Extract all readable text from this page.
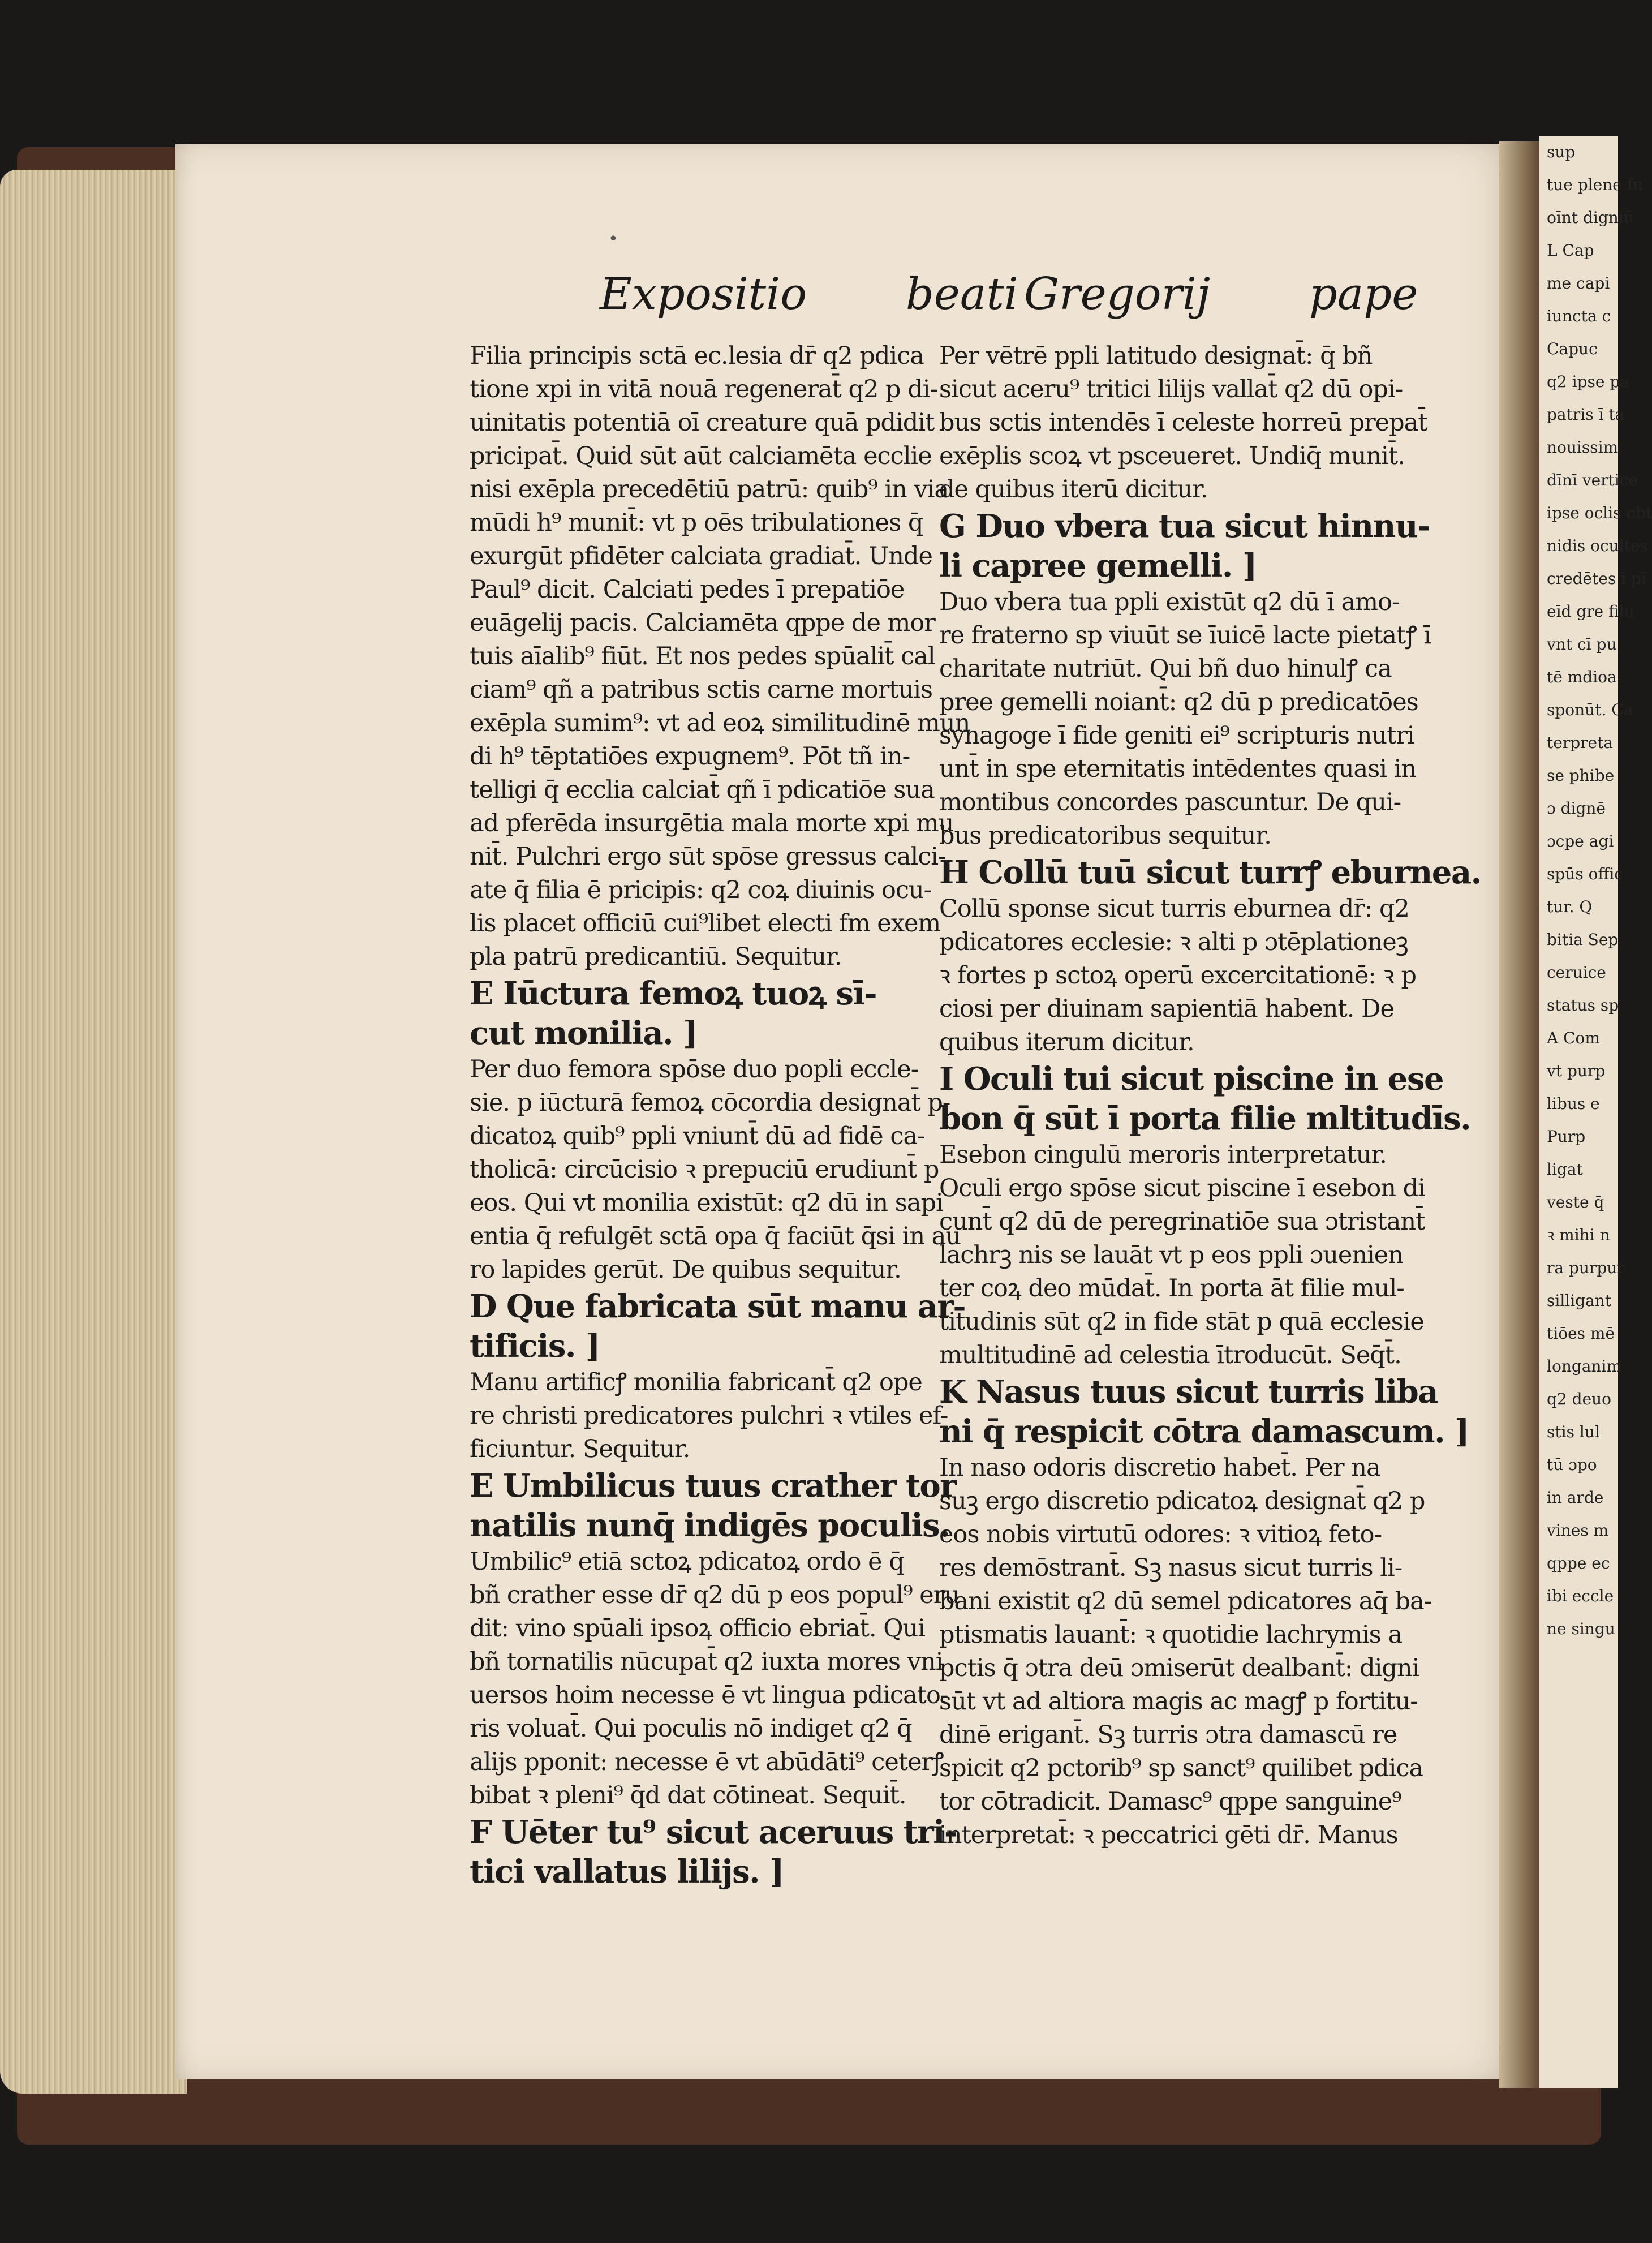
sup
tue plene fu
oīnt digniū
L Cap
me capi
iuncta c
Capuc
q2 ipse pa
patris ī ta
nouissim
dīnī vertice
ipse oclis obt
nidis ocultes
credētes ī pī
eīd gre filu
vnt cī pu
tē mdioa
sponūt. Ca
terpreta
se phibe
ɔ dignē
ɔcpe agi
spūs offic
tur. Q
bitia Sep
ceruice
status sp
A Com
vt purp
libus e
Purp
ligat
veste q̄
ꝛ mihi n
ra purpur
silligant
tiōes mē
longanim
q2 deuo
stis lul
tū ɔpo
in arde
vines m
qppe ec
ibi eccle
ne singu
•
Expositio beati Gregorij pape
Filia principis sctā ec.lesia dr̄ q2 pdica
tione xpi in vitā nouā regenerat̄ q2 p di-
uinitatis potentiā oī creature quā pdidit
pricipat̄. Quid sūt aūt calciamēta ecclie
nisi exēpla precedētiū patrū: quib⁹ in via
mūdi h⁹ munit̄: vt p oēs tribulationes q̄
exurgūt pfidēter calciata gradiat̄. Unde
Paul⁹ dicit. Calciati pedes ī prepatiōe
euāgelij pacis. Calciamēta qppe de mor
tuis aīalib⁹ fiūt. Et nos pedes spūalit̄ cal
ciam⁹ qñ a patribus sctis carne mortuis
exēpla sumim⁹: vt ad eoꝝ similitudinē mun
di h⁹ tēptatiōes expugnem⁹. Pōt tñ in-
telligi q̄ ecclia calciat̄ qñ ī pdicatiōe sua
ad pferēda insurgētia mala morte xpi mu
nit̄. Pulchri ergo sūt spōse gressus calci-
ate q̄ filia ē pricipis: q2 coꝝ diuinis ocu-
lis placet officiū cui⁹libet electi fm exem
pla patrū predicantiū. Sequitur.
E Iūctura femoꝝ tuoꝝ sī-
cut monilia. ]
Per duo femora spōse duo popli eccle-
sie. p iūcturā femoꝝ cōcordia designat̄ p-
dicatoꝝ quib⁹ ppli vniunt̄ dū ad fidē ca-
tholicā: circūcisio ꝛ prepuciū erudiunt̄ p
eos. Qui vt monilia existūt: q2 dū in sapi
entia q̄ refulgēt sctā opa q̄ faciūt q̄si in au
ro lapides gerūt. De quibus sequitur.
D Que fabricata sūt manu ar-
tificis. ]
Manu artificꝭ monilia fabricant̄ q2 ope
re christi predicatores pulchri ꝛ vtiles ef-
ficiuntur. Sequitur.
E Umbilicus tuus crather tor
natilis nunq̄ indigēs poculis.
Umbilic⁹ etiā sctoꝝ pdicatoꝝ ordo ē q̄
bñ crather esse dr̄ q2 dū p eos popul⁹ eru
dit: vino spūali ipsoꝝ officio ebriat̄. Qui
bñ tornatilis nūcupat̄ q2 iuxta mores vni
uersos hoim necesse ē vt lingua pdicato-
ris voluat̄. Qui poculis nō indiget q2 q̄
alijs pponit: necesse ē vt abūdāti⁹ ceterꝭ
bibat ꝛ pleni⁹ q̄d dat cōtineat. Sequit̄.
F Uēter tu⁹ sicut aceruus tri-
tici vallatus lilijs. ]
Per vētrē ppli latitudo designat̄: q̄ bñ
sicut aceru⁹ tritici lilijs vallat̄ q2 dū opi-
bus sctis intendēs ī celeste horreū prepat̄
exēplis scoꝝ vt psceueret. Undiq̄ munit̄.
de quibus iterū dicitur.
G Duo vbera tua sicut hinnu-
li capree gemelli. ]
Duo vbera tua ppli existūt q2 dū ī amo-
re fraterno sp viuūt se īuicē lacte pietatꝭ ī
charitate nutriūt. Qui bñ duo hinulꝭ ca
pree gemelli noiant̄: q2 dū p predicatōes
synagoge ī fide geniti ei⁹ scripturis nutri
unt̄ in spe eternitatis intēdentes quasi in
montibus concordes pascuntur. De qui-
bus predicatoribus sequitur.
H Collū tuū sicut turrꝭ eburnea.
Collū sponse sicut turris eburnea dr̄: q2
pdicatores ecclesie: ꝛ alti p ɔtēplationeꝫ
ꝛ fortes p sctoꝝ operū excercitationē: ꝛ p
ciosi per diuinam sapientiā habent. De
quibus iterum dicitur.
I Oculi tui sicut piscine in ese
bon q̄ sūt ī porta filie mltitudīs.
Esebon cingulū meroris interpretatur.
Oculi ergo spōse sicut piscine ī esebon di
cunt̄ q2 dū de peregrinatiōe sua ɔtristant̄
lachrꝫ nis se lauāt vt p eos ppli ɔuenien
ter coꝝ deo mūdat̄. In porta āt filie mul-
titudinis sūt q2 in fide stāt p quā ecclesie
multitudinē ad celestia ītroducūt. Seq̄t̄.
K Nasus tuus sicut turris liba
ni q̄ respicit cōtra damascum. ]
In naso odoris discretio habet̄. Per na
suꝫ ergo discretio pdicatoꝝ designat̄ q2 p
eos nobis virtutū odores: ꝛ vitioꝝ feto-
res demōstrant̄. Sꝫ nasus sicut turris li-
bani existit q2 dū semel pdicatores aq̄ ba-
ptismatis lauant̄: ꝛ quotidie lachrymis a
pctis q̄ ɔtra deū ɔmiserūt dealbant̄: digni
sūt vt ad altiora magis ac magꝭ p fortitu-
dinē erigant̄. Sꝫ turris ɔtra damascū re
spicit q2 pctorib⁹ sp sanct⁹ quilibet pdica
tor cōtradicit. Damasc⁹ qppe sanguine⁹
interpretat̄: ꝛ peccatrici gēti dr̄. Manus
